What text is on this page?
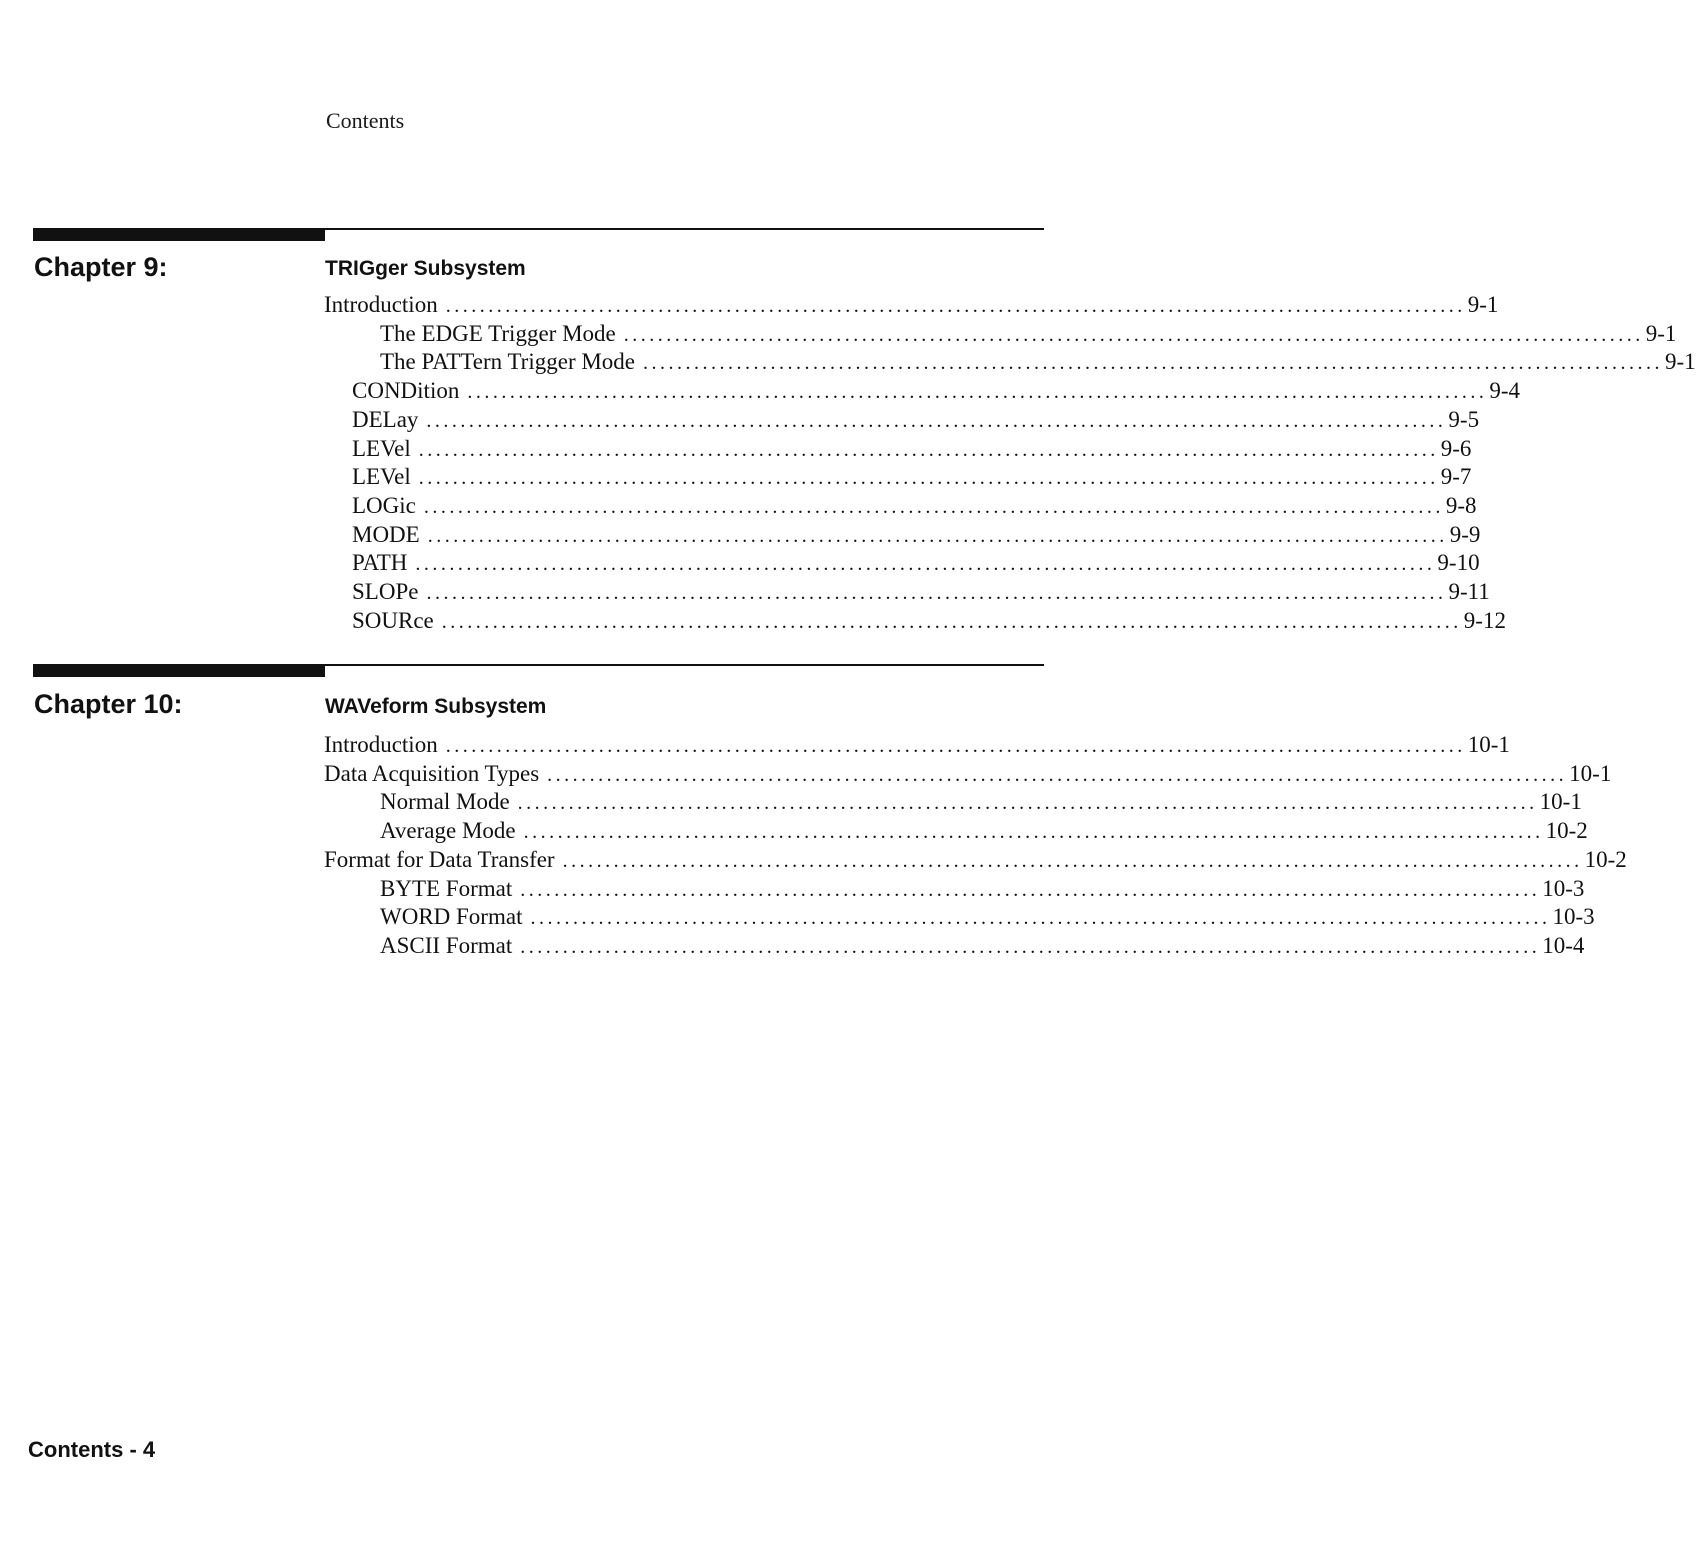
Contents
Chapter 9:	TRIGger Subsystem
Introduction ........................................................................................................................ 9-1
The EDGE Trigger Mode ........................................................................................................................ 9-1
The PATTern Trigger Mode ........................................................................................................................ 9-1
CONDition ........................................................................................................................ 9-4
DELay ........................................................................................................................ 9-5
LEVel ........................................................................................................................ 9-6
LEVel ........................................................................................................................ 9-7
LOGic ........................................................................................................................ 9-8
MODE ........................................................................................................................ 9-9
PATH ........................................................................................................................ 9-10
SLOPe ........................................................................................................................ 9-11
SOURce ........................................................................................................................ 9-12
Chapter 10:	WAVeform Subsystem
Introduction ........................................................................................................................ 10-1
Data Acquisition Types ........................................................................................................................ 10-1
Normal Mode ........................................................................................................................ 10-1
Average Mode ........................................................................................................................ 10-2
Format for Data Transfer ........................................................................................................................ 10-2
BYTE Format ........................................................................................................................ 10-3
WORD Format ........................................................................................................................ 10-3
ASCII Format ........................................................................................................................ 10-4
Contents - 4
